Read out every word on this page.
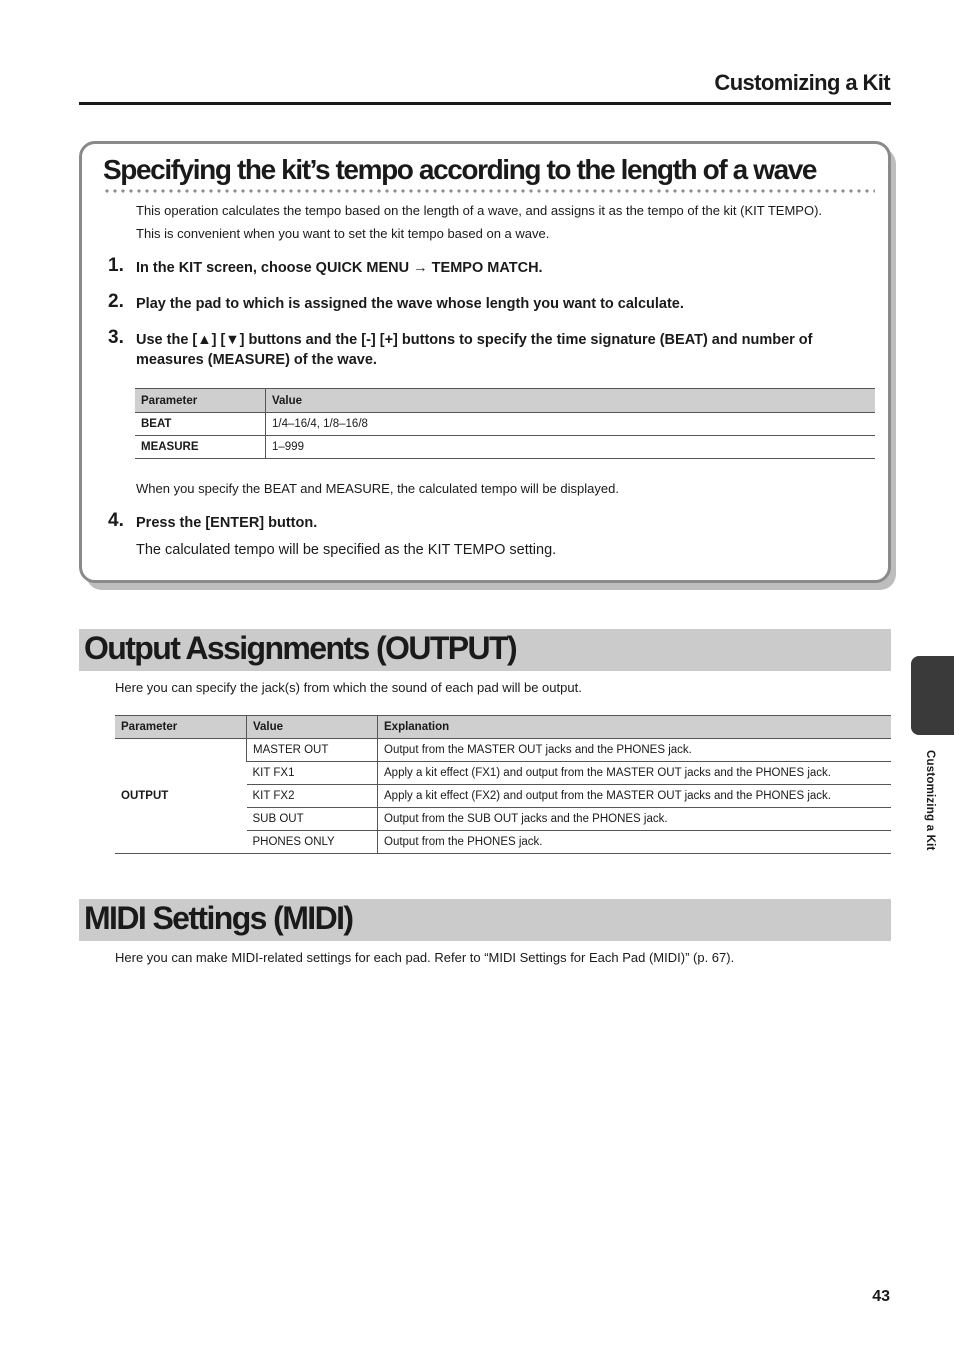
Customizing a Kit
Specifying the kit’s tempo according to the length of a wave
This operation calculates the tempo based on the length of a wave, and assigns it as the tempo of the kit (KIT TEMPO).
This is convenient when you want to set the kit tempo based on a wave.
1. In the KIT screen, choose QUICK MENU → TEMPO MATCH.
2. Play the pad to which is assigned the wave whose length you want to calculate.
3. Use the [▲] [▼] buttons and the [-] [+] buttons to specify the time signature (BEAT) and number of
measures (MEASURE) of the wave.
Parameter	Value
BEAT	1/4–16/4, 1/8–16/8
MEASURE	1–999
When you specify the BEAT and MEASURE, the calculated tempo will be displayed.
4. Press the [ENTER] button.
The calculated tempo will be specified as the KIT TEMPO setting.
Output Assignments (OUTPUT)
Here you can specify the jack(s) from which the sound of each pad will be output.
Parameter	Value	Explanation
OUTPUT	MASTER OUT	Output from the MASTER OUT jacks and the PHONES jack.
	KIT FX1	Apply a kit effect (FX1) and output from the MASTER OUT jacks and the PHONES jack.
	KIT FX2	Apply a kit effect (FX2) and output from the MASTER OUT jacks and the PHONES jack.
	SUB OUT	Output from the SUB OUT jacks and the PHONES jack.
	PHONES ONLY	Output from the PHONES jack.
MIDI Settings (MIDI)
Here you can make MIDI-related settings for each pad. Refer to “MIDI Settings for Each Pad (MIDI)” (p. 67).
Customizing a Kit
43
